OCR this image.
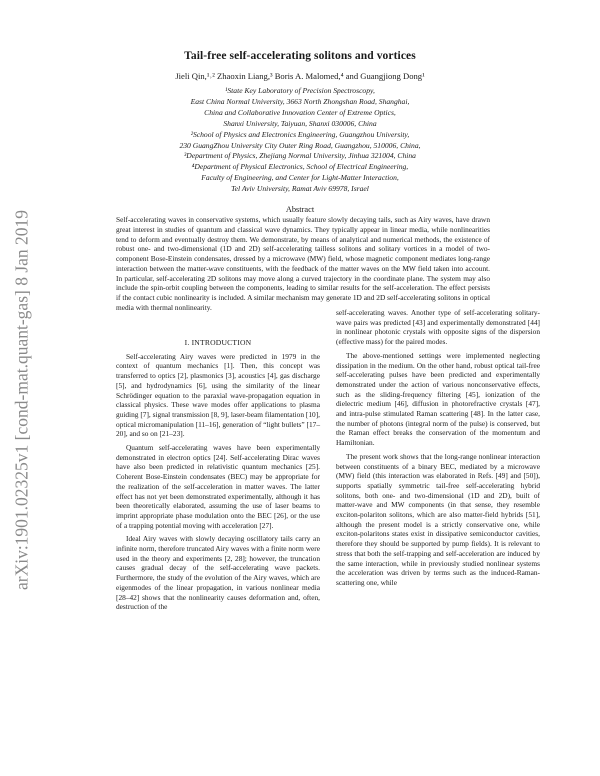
arXiv:1901.02325v1 [cond-mat.quant-gas] 8 Jan 2019
Tail-free self-accelerating solitons and vortices
Jieli Qin,¹˒² Zhaoxin Liang,³ Boris A. Malomed,⁴ and Guangjiong Dong¹
¹State Key Laboratory of Precision Spectroscopy,
East China Normal University, 3663 North Zhongshan Road, Shanghai,
China and Collaborative Innovation Center of Extreme Optics,
Shanxi University, Taiyuan, Shanxi 030006, China
²School of Physics and Electronics Engineering, Guangzhou University,
230 GuangZhou University City Outer Ring Road, Guangzhou, 510006, China,
³Department of Physics, Zhejiang Normal University, Jinhua 321004, China
⁴Department of Physical Electronics, School of Electrical Engineering,
Faculty of Engineering, and Center for Light-Matter Interaction,
Tel Aviv University, Ramat Aviv 69978, Israel
Abstract
Self-accelerating waves in conservative systems, which usually feature slowly decaying tails, such as Airy waves, have drawn great interest in studies of quantum and classical wave dynamics. They typically appear in linear media, while nonlinearities tend to deform and eventually destroy them. We demonstrate, by means of analytical and numerical methods, the existence of robust one- and two-dimensional (1D and 2D) self-accelerating tailless solitons and solitary vortices in a model of two-component Bose-Einstein condensates, dressed by a microwave (MW) field, whose magnetic component mediates long-range interaction between the matter-wave constituents, with the feedback of the matter waves on the MW field taken into account. In particular, self-accelerating 2D solitons may move along a curved trajectory in the coordinate plane. The system may also include the spin-orbit coupling between the components, leading to similar results for the self-acceleration. The effect persists if the contact cubic nonlinearity is included. A similar mechanism may generate 1D and 2D self-accelerating solitons in optical media with thermal nonlinearity.

I. INTRODUCTION

Self-accelerating Airy waves were predicted in 1979 in the context of quantum mechanics [1]. Then, this concept was transferred to optics [2], plasmonics [3], acoustics [4], gas discharge [5], and hydrodynamics [6], using the similarity of the linear Schrödinger equation to the paraxial wave-propagation equation in classical physics. These wave modes offer applications to plasma guiding [7], signal transmission [8, 9], laser-beam filamentation [10], optical micromanipulation [11–16], generation of “light bullets” [17–20], and so on [21–23].

Quantum self-accelerating waves have been experimentally demonstrated in electron optics [24]. Self-accelerating Dirac waves have also been predicted in relativistic quantum mechanics [25]. Coherent Bose-Einstein condensates (BEC) may be appropriate for the realization of the self-acceleration in matter waves. The latter effect has not yet been demonstrated experimentally, although it has been theoretically elaborated, assuming the use of laser beams to imprint appropriate phase modulation onto the BEC [26], or the use of a trapping potential moving with acceleration [27].

Ideal Airy waves with slowly decaying oscillatory tails carry an infinite norm, therefore truncated Airy waves with a finite norm were used in the theory and experiments [2, 28]; however, the truncation causes gradual decay of the self-accelerating wave packets. Furthermore, the study of the evolution of the Airy waves, which are eigenmodes of the linear propagation, in various nonlinear media [28–42] shows that the nonlinearity causes deformation and, often, destruction of the

self-accelerating waves. Another type of self-accelerating solitary-wave pairs was predicted [43] and experimentally demonstrated [44] in nonlinear photonic crystals with opposite signs of the dispersion (effective mass) for the paired modes.

The above-mentioned settings were implemented neglecting dissipation in the medium. On the other hand, robust optical tail-free self-accelerating pulses have been predicted and experimentally demonstrated under the action of various nonconservative effects, such as the sliding-frequency filtering [45], ionization of the dielectric medium [46], diffusion in photorefractive crystals [47], and intra-pulse stimulated Raman scattering [48]. In the latter case, the number of photons (integral norm of the pulse) is conserved, but the Raman effect breaks the conservation of the momentum and Hamiltonian.

The present work shows that the long-range nonlinear interaction between constituents of a binary BEC, mediated by a microwave (MW) field (this interaction was elaborated in Refs. [49] and [50]), supports spatially symmetric tail-free self-accelerating hybrid solitons, both one- and two-dimensional (1D and 2D), built of matter-wave and MW components (in that sense, they resemble exciton-polariton solitons, which are also matter-field hybrids [51], although the present model is a strictly conservative one, while exciton-polaritons states exist in dissipative semiconductor cavities, therefore they should be supported by pump fields). It is relevant to stress that both the self-trapping and self-acceleration are induced by the same interaction, while in previously studied nonlinear systems the acceleration was driven by terms such as the induced-Raman-scattering one, while
